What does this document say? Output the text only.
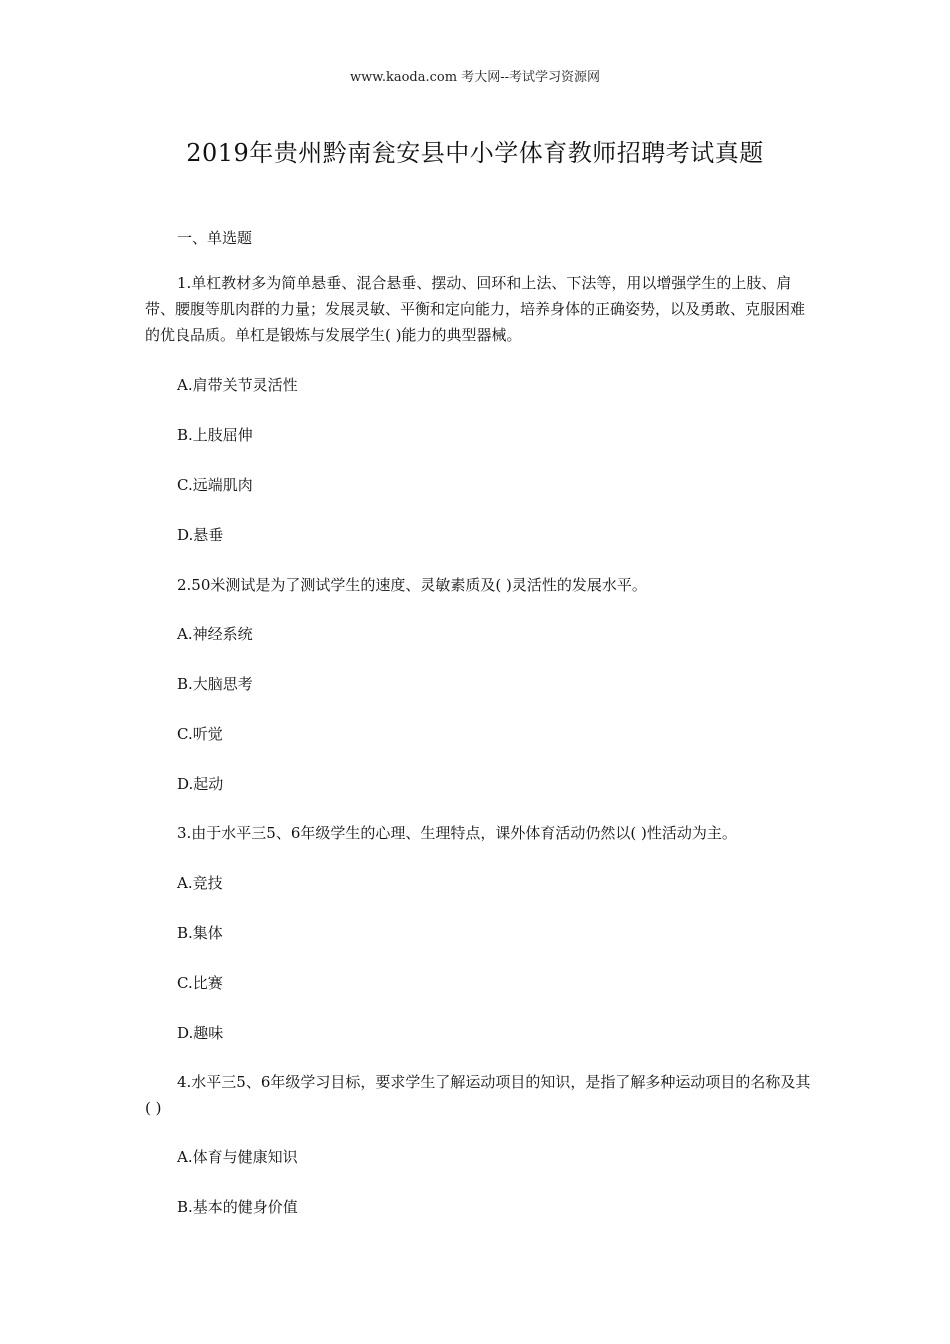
www.kaoda.com 考大网--考试学习资源网
2019年贵州黔南瓮安县中小学体育教师招聘考试真题
一、单选题
1.单杠教材多为简单悬垂、混合悬垂、摆动、回环和上法、下法等，用以增强学生的上肢、肩带、腰腹等肌肉群的力量；发展灵敏、平衡和定向能力，培养身体的正确姿势，以及勇敢、克服困难的优良品质。单杠是锻炼与发展学生( )能力的典型器械。
A.肩带关节灵活性
B.上肢屈伸
C.远端肌肉
D.悬垂
2.50米测试是为了测试学生的速度、灵敏素质及( )灵活性的发展水平。
A.神经系统
B.大脑思考
C.听觉
D.起动
3.由于水平三5、6年级学生的心理、生理特点，课外体育活动仍然以( )性活动为主。
A.竞技
B.集体
C.比赛
D.趣味
4.水平三5、6年级学习目标，要求学生了解运动项目的知识，是指了解多种运动项目的名称及其( )
A.体育与健康知识
B.基本的健身价值
